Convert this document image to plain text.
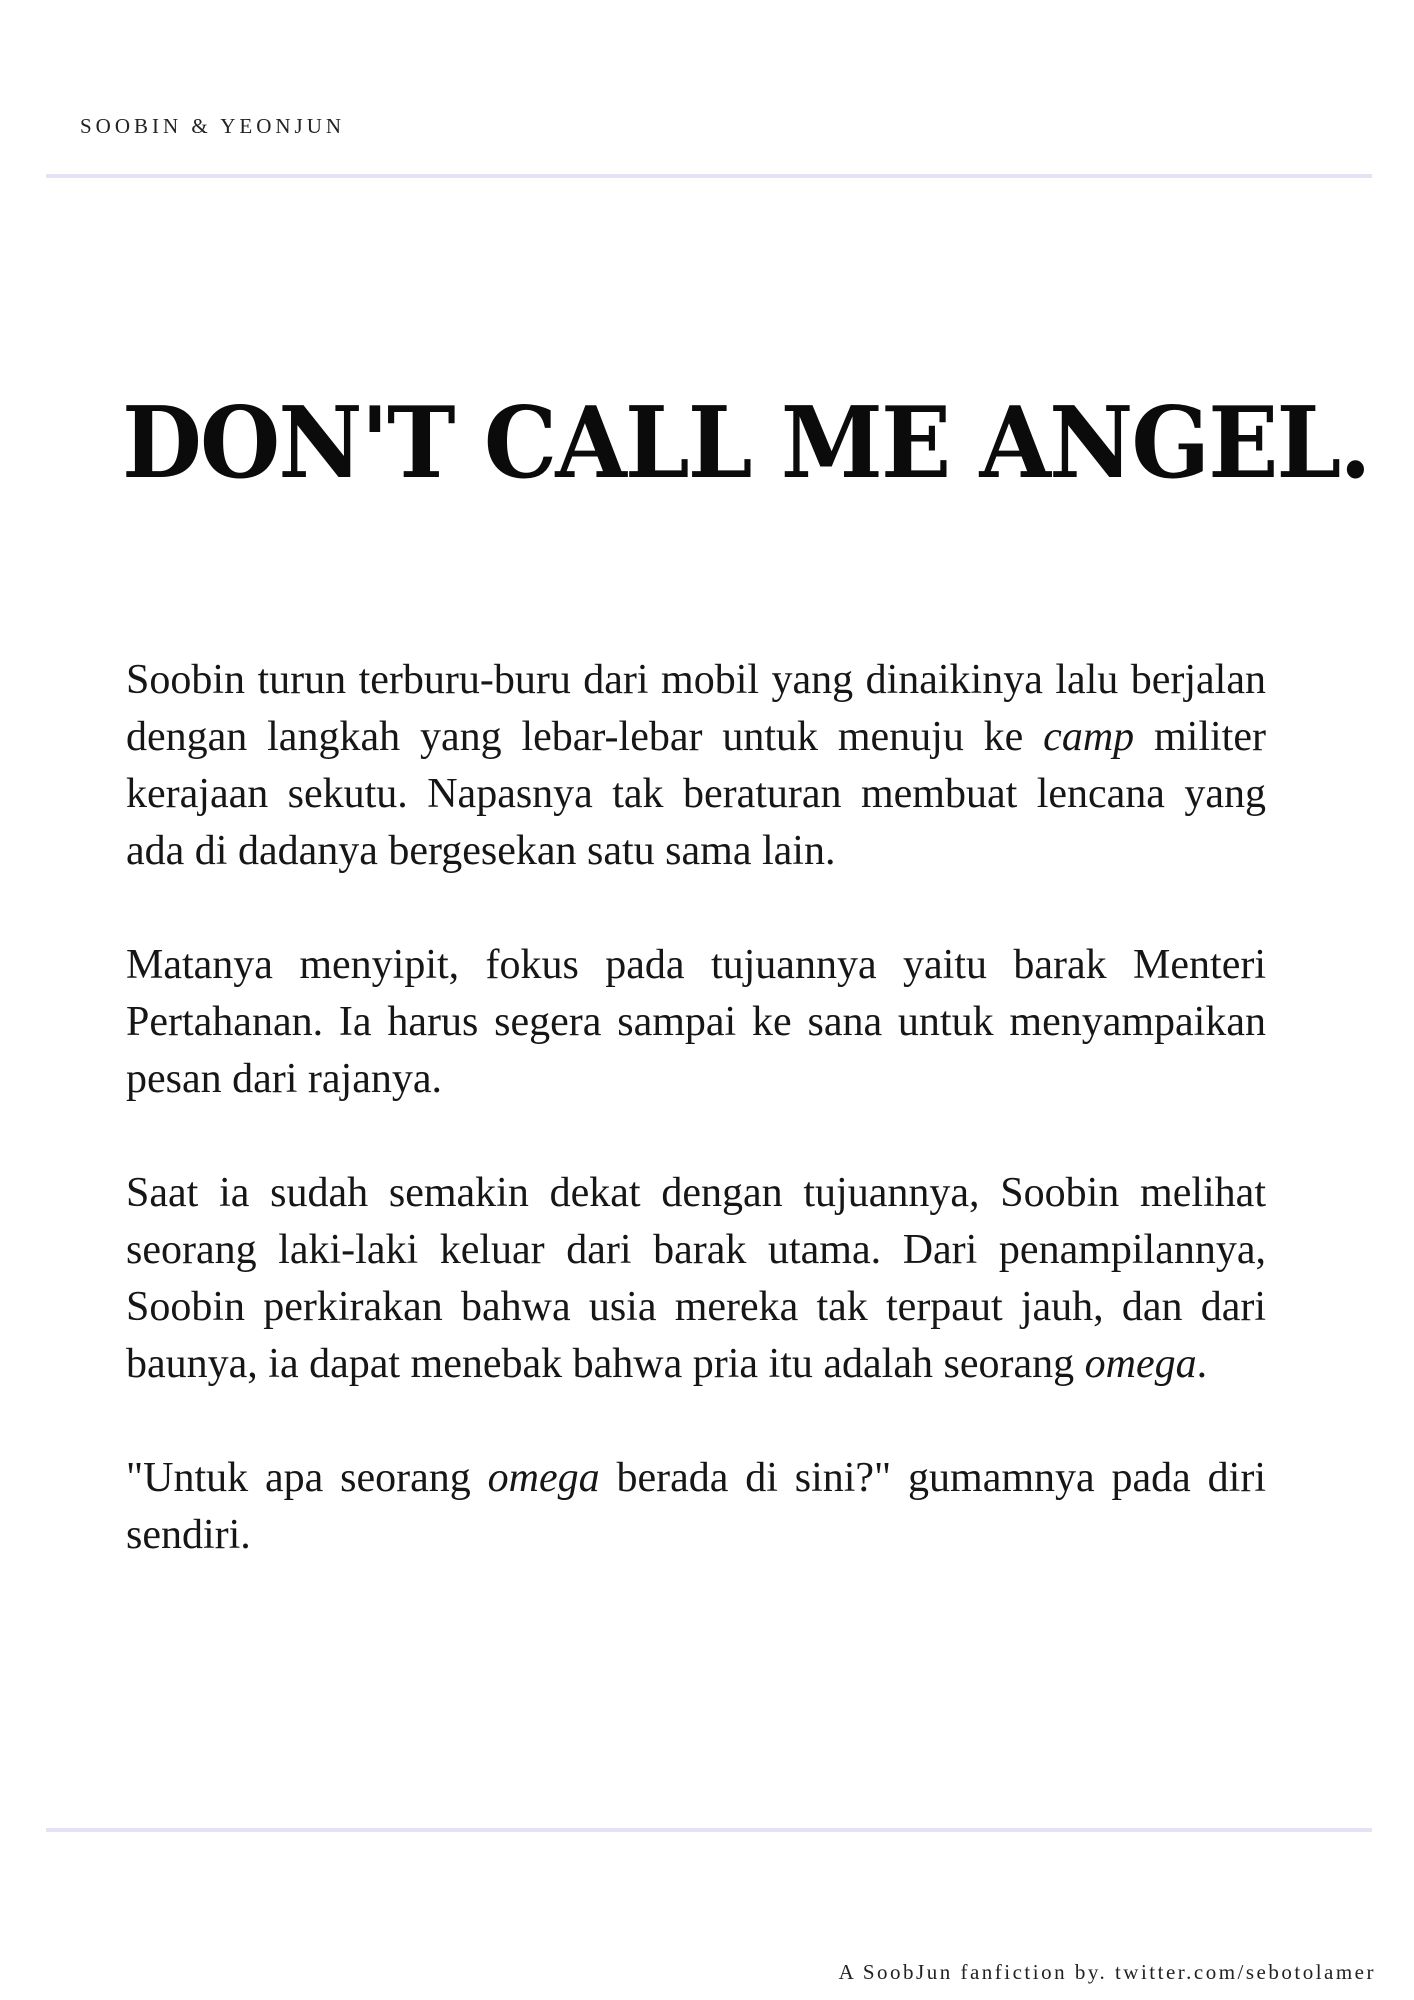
SOOBIN & YEONJUN
DON'T CALL ME ANGEL.

Soobin turun terburu-buru dari mobil yang dinaikinya lalu berjalan dengan langkah yang lebar-lebar untuk menuju ke camp militer kerajaan sekutu. Napasnya tak beraturan membuat lencana yang ada di dadanya bergesekan satu sama lain.

Matanya menyipit, fokus pada tujuannya yaitu barak Menteri Pertahanan. Ia harus segera sampai ke sana untuk menyampaikan pesan dari rajanya.

Saat ia sudah semakin dekat dengan tujuannya, Soobin melihat seorang laki-laki keluar dari barak utama. Dari penampilannya, Soobin perkirakan bahwa usia mereka tak terpaut jauh, dan dari baunya, ia dapat menebak bahwa pria itu adalah seorang omega.

"Untuk apa seorang omega berada di sini?" gumamnya pada diri sendiri.

A SoobJun fanfiction by. twitter.com/sebotolamer
